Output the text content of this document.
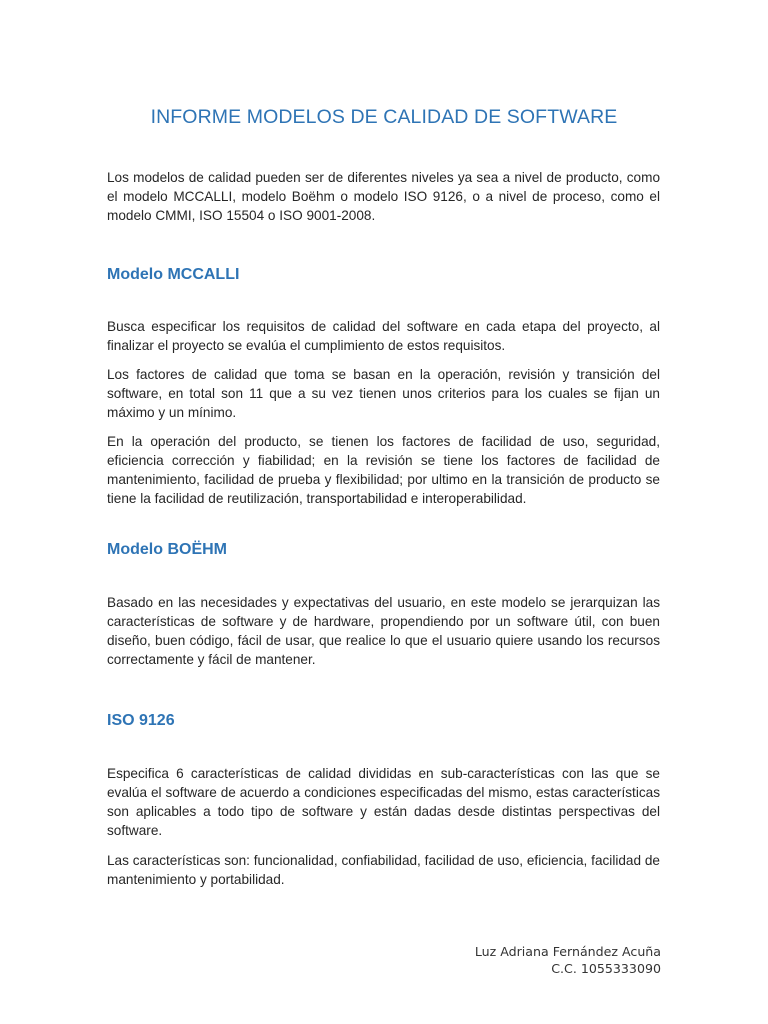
INFORME MODELOS DE CALIDAD DE SOFTWARE

Los modelos de calidad pueden ser de diferentes niveles ya sea a nivel de producto, como el modelo MCCALLI, modelo Boëhm o modelo ISO 9126, o a nivel de proceso, como el modelo CMMI, ISO 15504 o ISO 9001-2008.

Modelo MCCALLI

Busca especificar los requisitos de calidad del software en cada etapa del proyecto, al finalizar el proyecto se evalúa el cumplimiento de estos requisitos.

Los factores de calidad que toma se basan en la operación, revisión y transición del software, en total son 11 que a su vez tienen unos criterios para los cuales se fijan un máximo y un mínimo.

En la operación del producto, se tienen los factores de facilidad de uso, seguridad, eficiencia corrección y fiabilidad; en la revisión se tiene los factores de facilidad de mantenimiento, facilidad de prueba y flexibilidad; por ultimo en la transición de producto se tiene la facilidad de reutilización, transportabilidad e interoperabilidad.

Modelo BOËHM

Basado en las necesidades y expectativas del usuario, en este modelo se jerarquizan las características de software y de hardware, propendiendo por un software útil, con buen diseño, buen código, fácil de usar, que realice lo que el usuario quiere usando los recursos correctamente y fácil de mantener.

ISO 9126

Especifica 6 características de calidad divididas en sub-características con las que se evalúa el software de acuerdo a condiciones especificadas del mismo, estas características son aplicables a todo tipo de software y están dadas desde distintas perspectivas del software.

Las características son: funcionalidad, confiabilidad, facilidad de uso, eficiencia, facilidad de mantenimiento y portabilidad.

Luz Adriana Fernández Acuña
C.C. 1055333090
